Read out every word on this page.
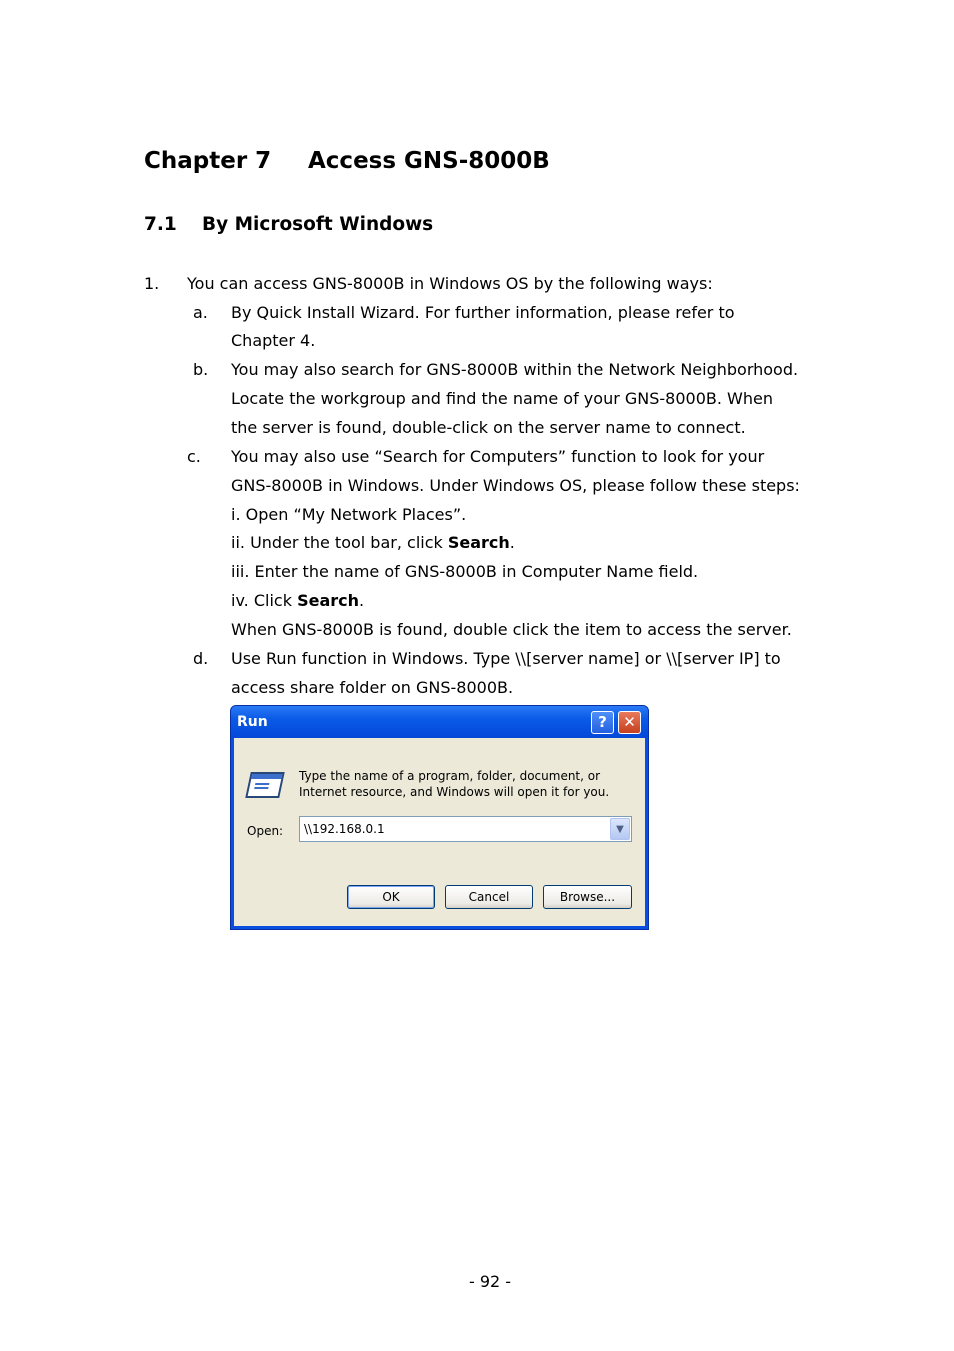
Chapter 7 Access GNS-8000B
7.1 By Microsoft Windows
1. You can access GNS-8000B in Windows OS by the following ways:
a. By Quick Install Wizard. For further information, please refer to
Chapter 4.
b. You may also search for GNS-8000B within the Network Neighborhood.
Locate the workgroup and find the name of your GNS-8000B. When
the server is found, double-click on the server name to connect.
c. You may also use “Search for Computers” function to look for your
GNS-8000B in Windows. Under Windows OS, please follow these steps:
i. Open “My Network Places”.
ii. Under the tool bar, click Search.
iii. Enter the name of GNS-8000B in Computer Name field.
iv. Click Search.
When GNS-8000B is found, double click the item to access the server.
d. Use Run function in Windows. Type \\[server name] or \\[server IP] to
access share folder on GNS-8000B.
Run	?	✕
Type the name of a program, folder, document, or
Internet resource, and Windows will open it for you.
Open:	\\192.168.0.1	▼
OK	Cancel	Browse...
- 92 -
